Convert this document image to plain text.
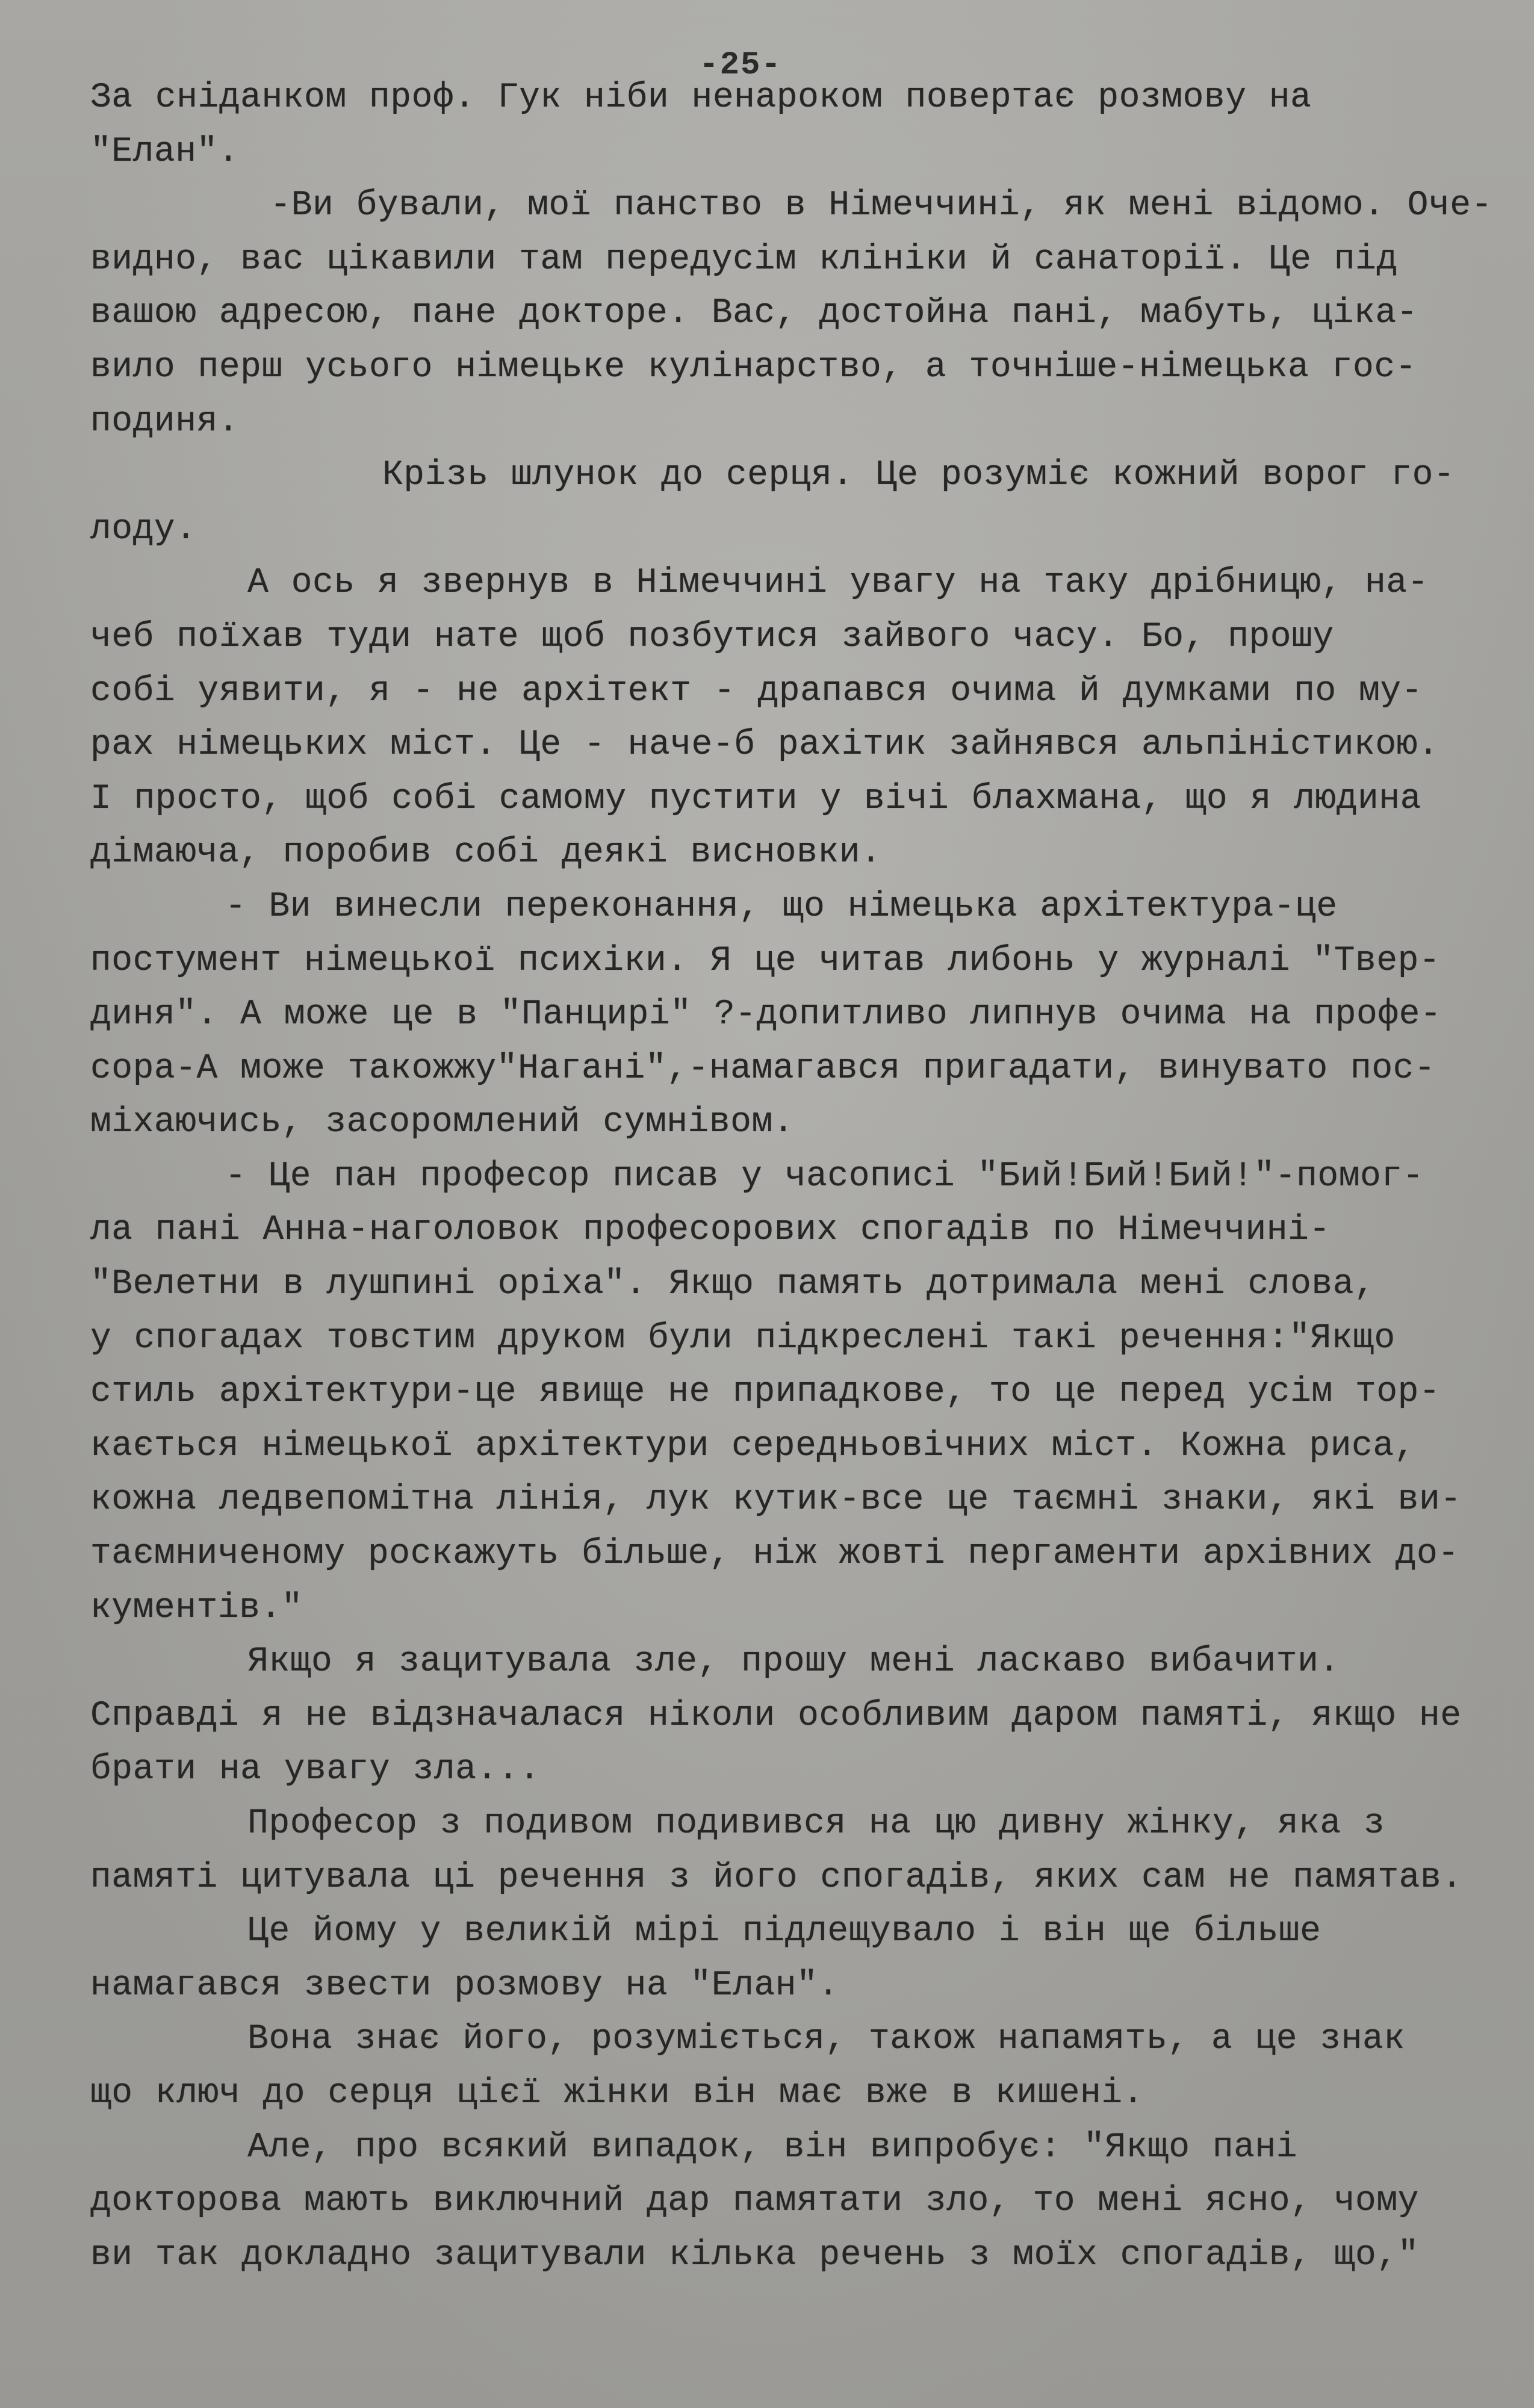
-25-
За сніданком проф. Гук ніби ненароком повертає розмову на
"Елан".
-Ви бували, мої панство в Німеччині, як мені відомо. Оче-
видно, вас цікавили там передусім клініки й санаторії. Це під
вашою адресою, пане докторе. Вас, достойна пані, мабуть, ціка-
вило перш усього німецьке кулінарство, а точніше-німецька гос-
подиня.
Крізь шлунок до серця. Це розуміє кожний ворог го-
лоду.
А ось я звернув в Німеччині увагу на таку дрібницю, на-
чеб поїхав туди нате щоб позбутися зайвого часу. Бо, прошу
собі уявити, я - не архітект - драпався очима й думками по му-
рах німецьких міст. Це - наче-б рахітик зайнявся альпіністикою.
І просто, щоб собі самому пустити у вічі блахмана, що я людина
дімаюча, поробив собі деякі висновки.
- Ви винесли переконання, що німецька архітектура-це
постумент німецької психіки. Я це читав либонь у журналі "Твер-
диня". А може це в "Панцирі" ?-допитливо липнув очима на профе-
сора-А може такожжу"Нагані",-намагався пригадати, винувато пос-
міхаючись, засоромлений сумнівом.
- Це пан професор писав у часописі "Бий!Бий!Бий!"-помог-
ла пані Анна-наголовок професорових спогадів по Німеччині-
"Велетни в лушпині оріха". Якщо память дотримала мені слова,
у спогадах товстим друком були підкреслені такі речення:"Якщо
стиль архітектури-це явище не припадкове, то це перед усім тор-
кається німецької архітектури середньовічних міст. Кожна риса,
кожна ледвепомітна лінія, лук кутик-все це таємні знаки, які ви-
таємниченому роскажуть більше, ніж жовті пергаменти архівних до-
кументів."
Якщо я зацитувала зле, прошу мені ласкаво вибачити.
Справді я не відзначалася ніколи особливим даром памяті, якщо не
брати на увагу зла...
Професор з подивом подивився на цю дивну жінку, яка з
памяті цитувала ці речення з його спогадів, яких сам не памятав.
Це йому у великій мірі підлещувало і він ще більше
намагався звести розмову на "Елан".
Вона знає його, розуміється, також напамять, а це знак
що ключ до серця цієї жінки він має вже в кишені.
Але, про всякий випадок, він випробує: "Якщо пані
докторова мають виключний дар памятати зло, то мені ясно, чому
ви так докладно зацитували кілька речень з моїх спогадів, що,"
